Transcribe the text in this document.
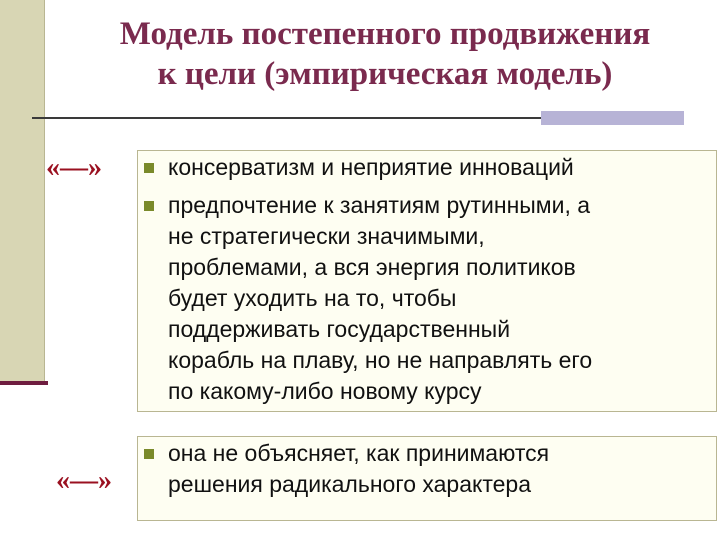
Модель постепенного продвижения
к цели (эмпирическая модель)
«—»
«—»
консерватизм и неприятие инноваций
предпочтение к занятиям рутинными, а
не стратегически значимыми,
проблемами, а вся энергия политиков
будет уходить на то, чтобы
поддерживать государственный
корабль на плаву, но не направлять его
по какому-либо новому курсу
она не объясняет, как принимаются
решения радикального характера
